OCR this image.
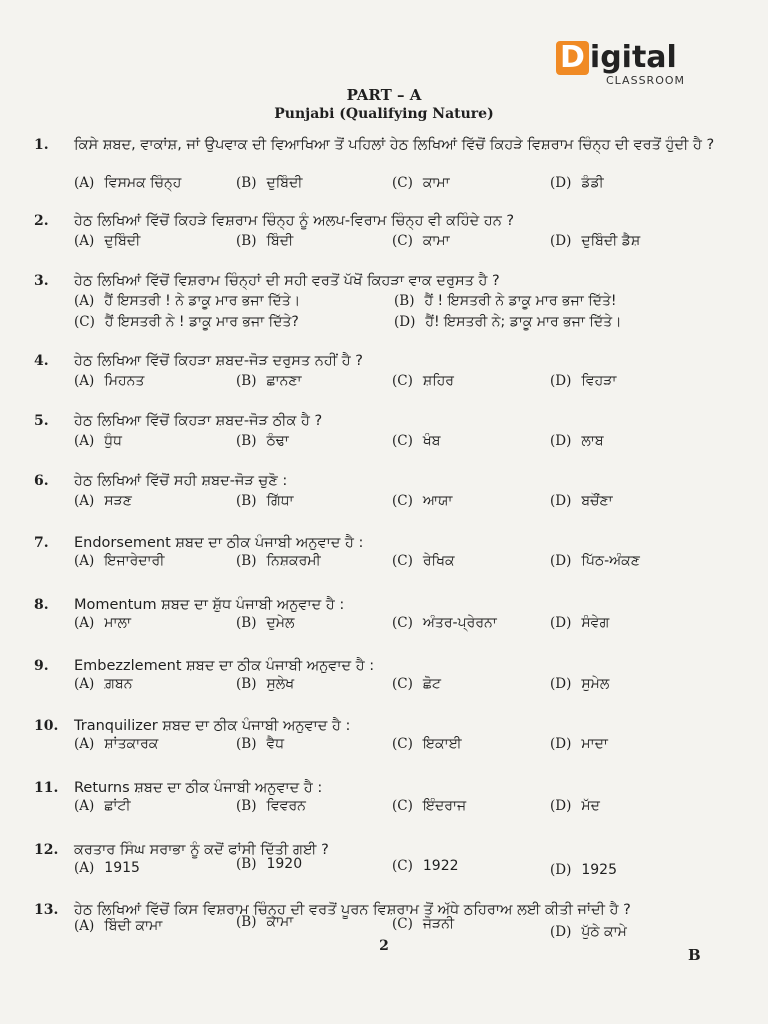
D igital
CLASSROOM
PART – A
Punjabi (Qualifying Nature)
1. ਕਿਸੇ ਸ਼ਬਦ, ਵਾਕਾਂਸ਼, ਜਾਂ ਉਪਵਾਕ ਦੀ ਵਿਆਖਿਆ ਤੋਂ ਪਹਿਲਾਂ ਹੇਠ ਲਿਖਿਆਂ ਵਿੱਚੋਂ ਕਿਹੜੇ ਵਿਸ਼ਰਾਮ ਚਿੰਨ੍ਹ ਦੀ ਵਰਤੋਂ ਹੁੰਦੀ ਹੈ ?
(A) ਵਿਸਮਕ ਚਿੰਨ੍ਹ	(B) ਦੁਬਿੰਦੀ	(C) ਕਾਮਾ	(D) ਡੰਡੀ
2. ਹੇਠ ਲਿਖਿਆਂ ਵਿੱਚੋਂ ਕਿਹੜੇ ਵਿਸ਼ਰਾਮ ਚਿੰਨ੍ਹ ਨੂੰ ਅਲਪ-ਵਿਰਾਮ ਚਿੰਨ੍ਹ ਵੀ ਕਹਿੰਦੇ ਹਨ ?
(A) ਦੁਬਿੰਦੀ	(B) ਬਿੰਦੀ	(C) ਕਾਮਾ	(D) ਦੁਬਿੰਦੀ ਡੈਸ਼
3. ਹੇਠ ਲਿਖਿਆਂ ਵਿੱਚੋਂ ਵਿਸ਼ਰਾਮ ਚਿੰਨ੍ਹਾਂ ਦੀ ਸਹੀ ਵਰਤੋਂ ਪੱਖੋਂ ਕਿਹੜਾ ਵਾਕ ਦਰੁਸਤ ਹੈ ?
(A) ਹੈਂ ਇਸਤਰੀ ! ਨੇ ਡਾਕੂ ਮਾਰ ਭਜਾ ਦਿੱਤੇ।	(B) ਹੈਂ ! ਇਸਤਰੀ ਨੇ ਡਾਕੂ ਮਾਰ ਭਜਾ ਦਿੱਤੇ!
(C) ਹੈਂ ਇਸਤਰੀ ਨੇ ! ਡਾਕੂ ਮਾਰ ਭਜਾ ਦਿੱਤੇ?	(D) ਹੈਂ! ਇਸਤਰੀ ਨੇ; ਡਾਕੂ ਮਾਰ ਭਜਾ ਦਿੱਤੇ।
4. ਹੇਠ ਲਿਖਿਆ ਵਿੱਚੋਂ ਕਿਹੜਾ ਸ਼ਬਦ-ਜੋੜ ਦਰੁਸਤ ਨਹੀਂ ਹੈ ?
(A) ਮਿਹਨਤ	(B) ਛਾਨਣਾ	(C) ਸ਼ਹਿਰ	(D) ਵਿਹੜਾ
5. ਹੇਠ ਲਿਖਿਆ ਵਿੱਚੋਂ ਕਿਹੜਾ ਸ਼ਬਦ-ਜੋੜ ਠੀਕ ਹੈ ?
(A) ਧੁੰਧ	(B) ਠੰਢਾ	(C) ਖੰਬ	(D) ਲਾਬ
6. ਹੇਠ ਲਿਖਿਆਂ ਵਿੱਚੋਂ ਸਹੀ ਸ਼ਬਦ-ਜੋੜ ਚੁਣੋ :
(A) ਸੜਣ	(B) ਗਿੱਧਾ	(C) ਆਯਾ	(D) ਬਚੌਂਣਾ
7. Endorsement ਸ਼ਬਦ ਦਾ ਠੀਕ ਪੰਜਾਬੀ ਅਨੁਵਾਦ ਹੈ :
(A) ਇਜਾਰੇਦਾਰੀ	(B) ਨਿਸ਼ਕਰਮੀ	(C) ਰੇਖਿਕ	(D) ਪਿੱਠ-ਅੰਕਣ
8. Momentum ਸ਼ਬਦ ਦਾ ਸ਼ੁੱਧ ਪੰਜਾਬੀ ਅਨੁਵਾਦ ਹੈ :
(A) ਮਾਲਾ	(B) ਦੁਮੇਲ	(C) ਅੰਤਰ-ਪ੍ਰੇਰਨਾ	(D) ਸੰਵੇਗ
9. Embezzlement ਸ਼ਬਦ ਦਾ ਠੀਕ ਪੰਜਾਬੀ ਅਨੁਵਾਦ ਹੈ :
(A) ਗ਼ਬਨ	(B) ਸੁਲੇਖ	(C) ਛੋਟ	(D) ਸੁਮੇਲ
10. Tranquilizer ਸ਼ਬਦ ਦਾ ਠੀਕ ਪੰਜਾਬੀ ਅਨੁਵਾਦ ਹੈ :
(A) ਸ਼ਾਂਤਕਾਰਕ	(B) ਵੈਧ	(C) ਇਕਾਈ	(D) ਮਾਦਾ
11. Returns ਸ਼ਬਦ ਦਾ ਠੀਕ ਪੰਜਾਬੀ ਅਨੁਵਾਦ ਹੈ :
(A) ਛਾਂਟੀ	(B) ਵਿਵਰਨ	(C) ਇੰਦਰਾਜ	(D) ਮੱਦ
12. ਕਰਤਾਰ ਸਿੰਘ ਸਰਾਭਾ ਨੂੰ ਕਦੋਂ ਫਾਂਸੀ ਦਿੱਤੀ ਗਈ ?
(A) 1915	(B) 1920	(C) 1922	(D) 1925
13. ਹੇਠ ਲਿਖਿਆਂ ਵਿੱਚੋਂ ਕਿਸ ਵਿਸ਼ਰਾਮ ਚਿੰਨ੍ਹ ਦੀ ਵਰਤੋਂ ਪੂਰਨ ਵਿਸ਼ਰਾਮ ਤੋਂ ਅੱਧੇ ਠਹਿਰਾਅ ਲਈ ਕੀਤੀ ਜਾਂਦੀ ਹੈ ?
(A) ਬਿੰਦੀ ਕਾਮਾ	(B) ਕਾਮਾ	(C) ਜੋੜਨੀ	(D) ਪੁੱਠੇ ਕਾਮੇ
2	B
